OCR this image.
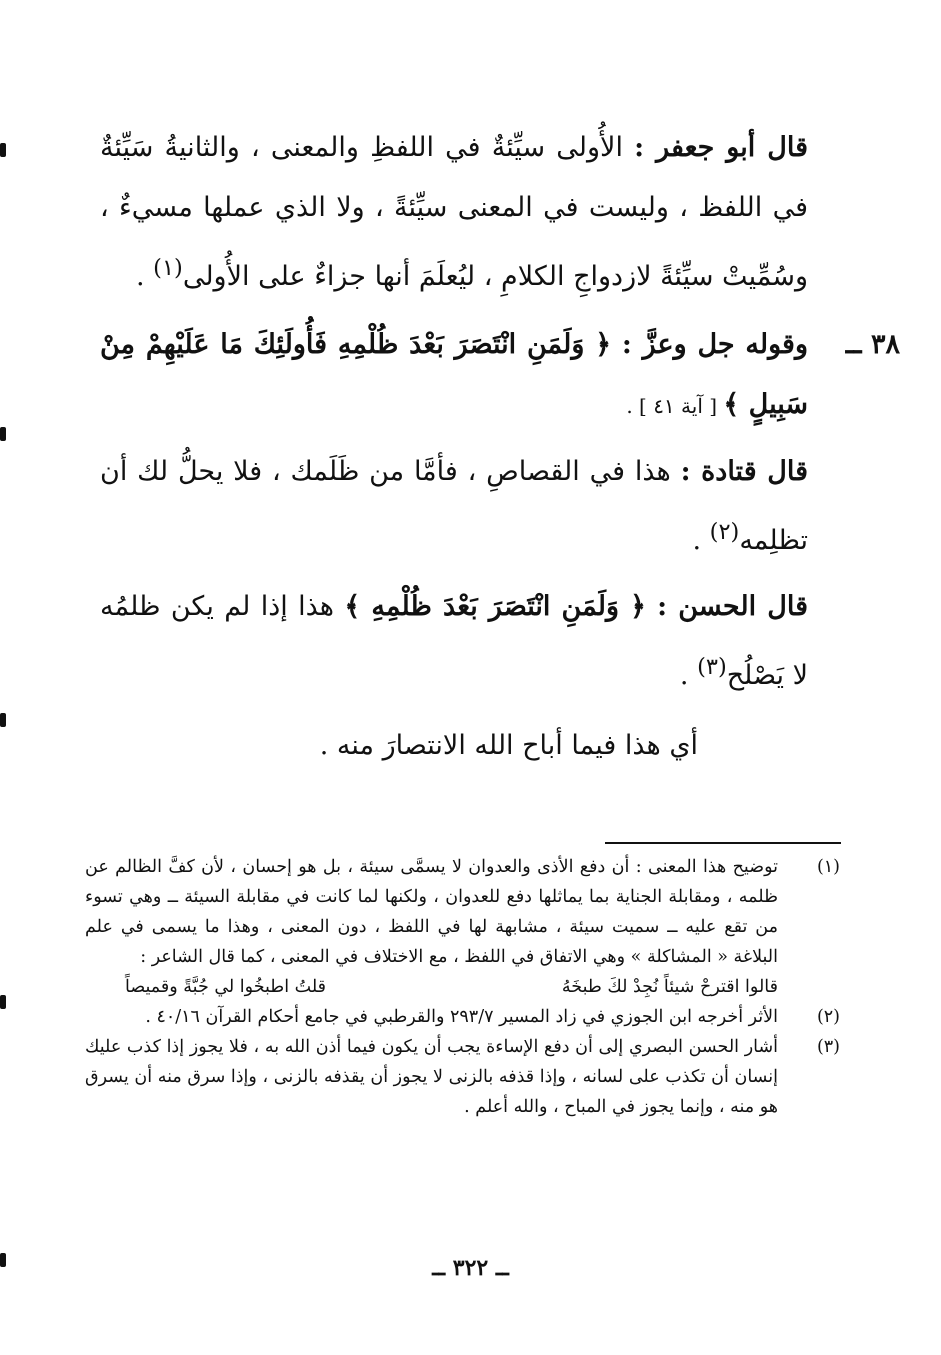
قال أبو جعفر : الأُولى سيِّئةٌ في اللفظِ والمعنى ، والثانيةُ سَيِّئةٌ في اللفظ ، وليست في المعنى سيِّئةً ، ولا الذي عملها مسيءٌ ، وسُمِّيتْ سيِّئةً لازدواجِ الكلامِ ، ليُعلَمَ أنها جزاءٌ على الأُولى$^{(١)}$ .

٣٨ ــ

وقوله جل وعزَّ : ﴿ وَلَمَنِ انْتَصَرَ بَعْدَ ظُلْمِهِ فَأُولَئِكَ مَا عَلَيْهِمْ مِنْ سَبِيلٍ ﴾ [ آية ٤١ ] .

قال قتادة : هذا في القصاصِ ، فأمَّا من ظَلَمك ، فلا يحلُّ لك أن تظلِمه$^{(٢)}$ .

قال الحسن : ﴿ وَلَمَنِ انْتَصَرَ بَعْدَ ظُلْمِهِ ﴾ هذا إذا لم يكن ظلمُه لا يَصْلُح$^{(٣)}$ .

أي هذا فيما أباح الله الانتصارَ منه .

(١)
توضيح هذا المعنى : أن دفع الأذى والعدوان لا يسمَّى سيئة ، بل هو إحسان ، لأن كفَّ الظالم عن ظلمه ، ومقابلة الجناية بما يماثلها دفع للعدوان ، ولكنها لما كانت في مقابلة السيئة ــ وهي تسوء من تقع عليه ــ سميت سيئة ، مشابهة لها في اللفظ ، دون المعنى ، وهذا ما يسمى في علم البلاغة « المشاكلة » وهي الاتفاق في اللفظ ، مع الاختلاف في المعنى ، كما قال الشاعر :

قالوا اقترحْ شيئاً نُجِدْ لكَ طبخَهُ
قلتُ اطبخُوا لي جُبَّةً وقميصاً

(٢)
الأثر أخرجه ابن الجوزي في زاد المسير ٢٩٣/٧ والقرطبي في جامع أحكام القرآن ٤٠/١٦ .

(٣)
أشار الحسن البصري إلى أن دفع الإساءة يجب أن يكون فيما أذن الله به ، فلا يجوز إذا كذب عليك إنسان أن تكذب على لسانه ، وإذا قذفه بالزنى لا يجوز أن يقذفه بالزنى ، وإذا سرق منه أن يسرق هو منه ، وإنما يجوز في المباح ، والله أعلم .

ــ ٣٢٢ ــ
